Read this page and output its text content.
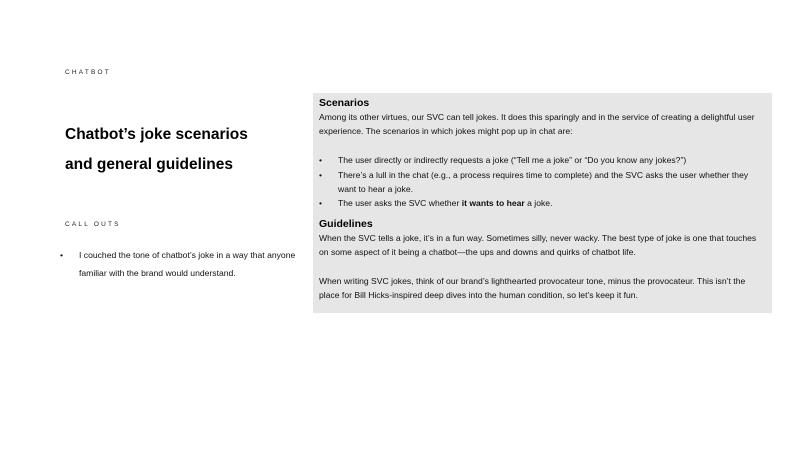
CHATBOT
Chatbot’s joke scenarios
and general guidelines
CALL OUTS
• I couched the tone of chatbot’s joke in a way that anyone familiar with the brand would understand.
Scenarios

Among its other virtues, our SVC can tell jokes. It does this sparingly and in the service of creating a delightful user experience. The scenarios in which jokes might pop up in chat are:

• The user directly or indirectly requests a joke (“Tell me a joke” or “Do you know any jokes?”)
• There’s a lull in the chat (e.g., a process requires time to complete) and the SVC asks the user whether they want to hear a joke.
• The user asks the SVC whether it wants to hear a joke.
Guidelines

When the SVC tells a joke, it’s in a fun way. Sometimes silly, never wacky. The best type of joke is one that touches on some aspect of it being a chatbot—the ups and downs and quirks of chatbot life.

When writing SVC jokes, think of our brand’s lighthearted provocateur tone, minus the provocateur. This isn’t the place for Bill Hicks-inspired deep dives into the human condition, so let’s keep it fun.
